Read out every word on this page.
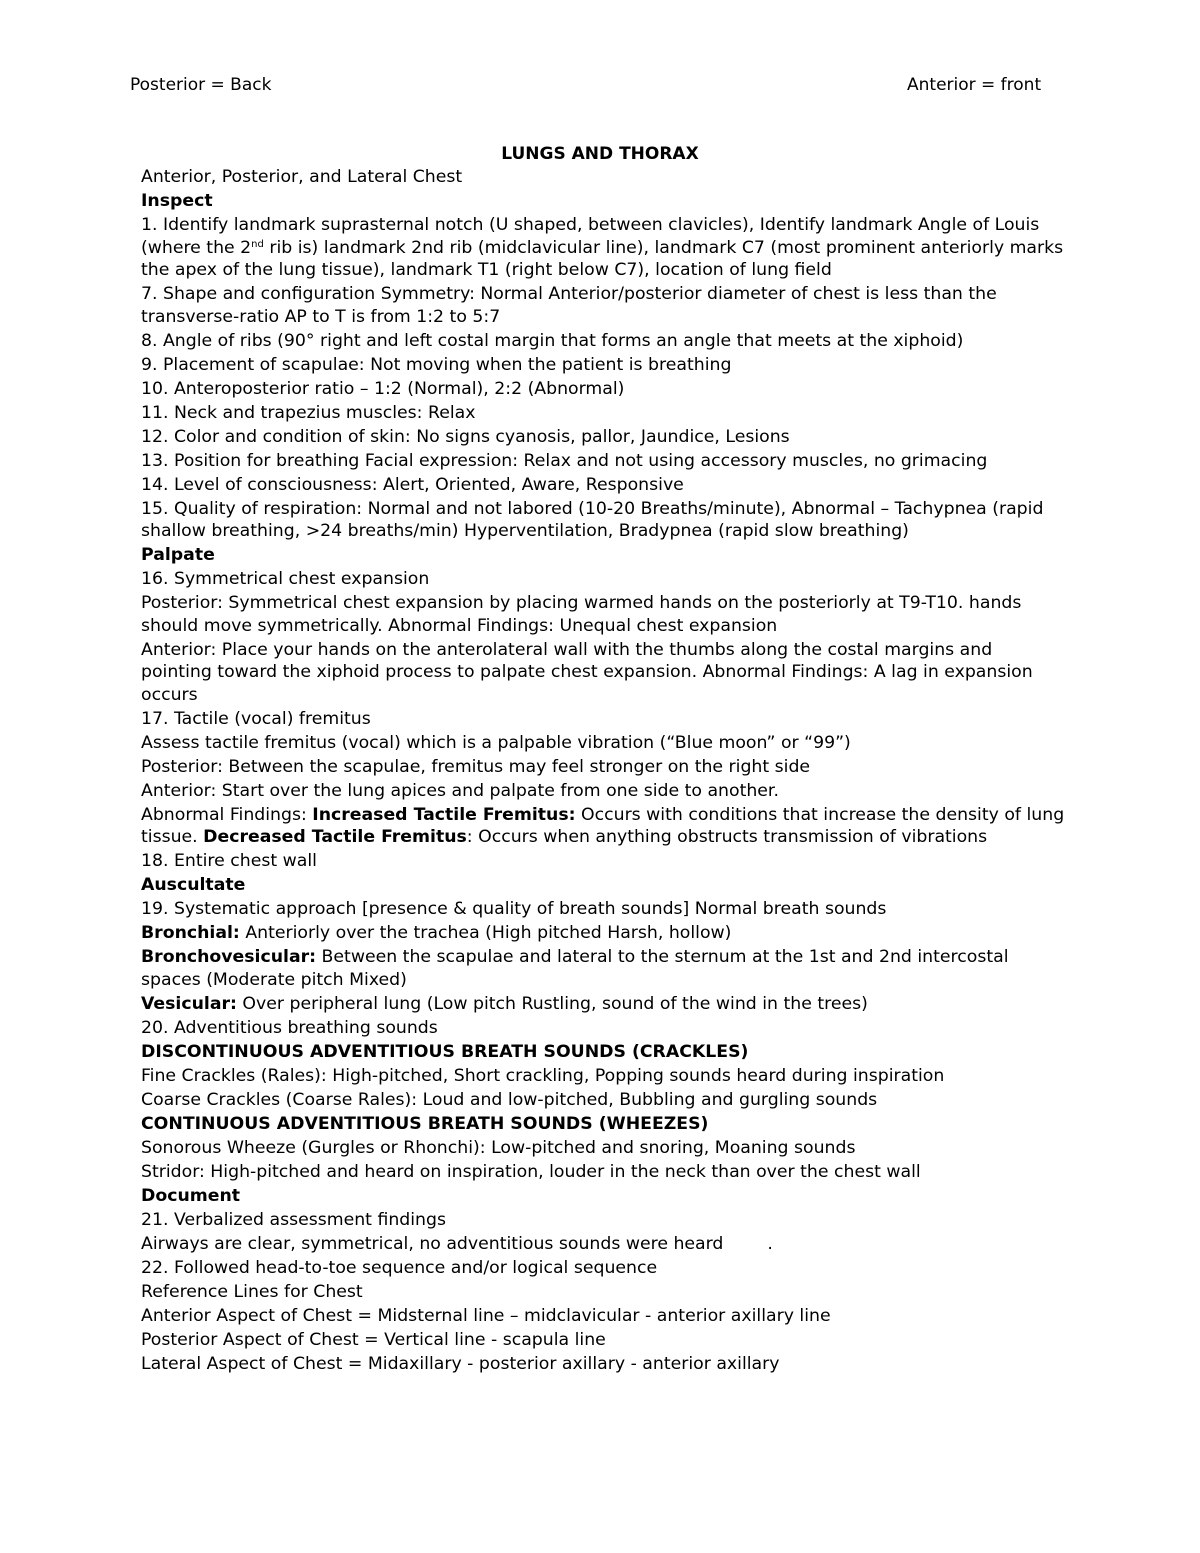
Posterior = Back	Anterior = front
LUNGS AND THORAX

Anterior, Posterior, and Lateral Chest

Inspect

1. Identify landmark suprasternal notch (U shaped, between clavicles), Identify landmark Angle of Louis (where the 2nd rib is) landmark 2nd rib (midclavicular line), landmark C7 (most prominent anteriorly marks the apex of the lung tissue), landmark T1 (right below C7), location of lung field

7. Shape and configuration Symmetry: Normal Anterior/posterior diameter of chest is less than the transverse-ratio AP to T is from 1:2 to 5:7

8. Angle of ribs (90° right and left costal margin that forms an angle that meets at the xiphoid)

9. Placement of scapulae: Not moving when the patient is breathing

10. Anteroposterior ratio – 1:2 (Normal), 2:2 (Abnormal)

11. Neck and trapezius muscles: Relax

12. Color and condition of skin: No signs cyanosis, pallor, Jaundice, Lesions

13. Position for breathing Facial expression: Relax and not using accessory muscles, no grimacing

14. Level of consciousness: Alert, Oriented, Aware, Responsive

15. Quality of respiration: Normal and not labored (10-20 Breaths/minute), Abnormal – Tachypnea (rapid shallow breathing, >24 breaths/min) Hyperventilation, Bradypnea (rapid slow breathing)

Palpate

16. Symmetrical chest expansion

Posterior: Symmetrical chest expansion by placing warmed hands on the posteriorly at T9-T10. hands should move symmetrically. Abnormal Findings: Unequal chest expansion

Anterior: Place your hands on the anterolateral wall with the thumbs along the costal margins and pointing toward the xiphoid process to palpate chest expansion. Abnormal Findings: A lag in expansion occurs

17. Tactile (vocal) fremitus

Assess tactile fremitus (vocal) which is a palpable vibration (“Blue moon” or “99”)

Posterior: Between the scapulae, fremitus may feel stronger on the right side

Anterior: Start over the lung apices and palpate from one side to another.

Abnormal Findings: Increased Tactile Fremitus: Occurs with conditions that increase the density of lung tissue. Decreased Tactile Fremitus: Occurs when anything obstructs transmission of vibrations

18. Entire chest wall

Auscultate

19. Systematic approach [presence & quality of breath sounds] Normal breath sounds

Bronchial: Anteriorly over the trachea (High pitched Harsh, hollow)

Bronchovesicular: Between the scapulae and lateral to the sternum at the 1st and 2nd intercostal spaces (Moderate pitch Mixed)

Vesicular: Over peripheral lung (Low pitch Rustling, sound of the wind in the trees)

20. Adventitious breathing sounds

DISCONTINUOUS ADVENTITIOUS BREATH SOUNDS (CRACKLES)

Fine Crackles (Rales): High-pitched, Short crackling, Popping sounds heard during inspiration

Coarse Crackles (Coarse Rales): Loud and low-pitched, Bubbling and gurgling sounds

CONTINUOUS ADVENTITIOUS BREATH SOUNDS (WHEEZES)

Sonorous Wheeze (Gurgles or Rhonchi): Low-pitched and snoring, Moaning sounds

Stridor: High-pitched and heard on inspiration, louder in the neck than over the chest wall

Document

21. Verbalized assessment findings

Airways are clear, symmetrical, no adventitious sounds were heard        .

22. Followed head-to-toe sequence and/or logical sequence

Reference Lines for Chest

Anterior Aspect of Chest = Midsternal line – midclavicular - anterior axillary line

Posterior Aspect of Chest = Vertical line - scapula line

Lateral Aspect of Chest = Midaxillary - posterior axillary - anterior axillary
